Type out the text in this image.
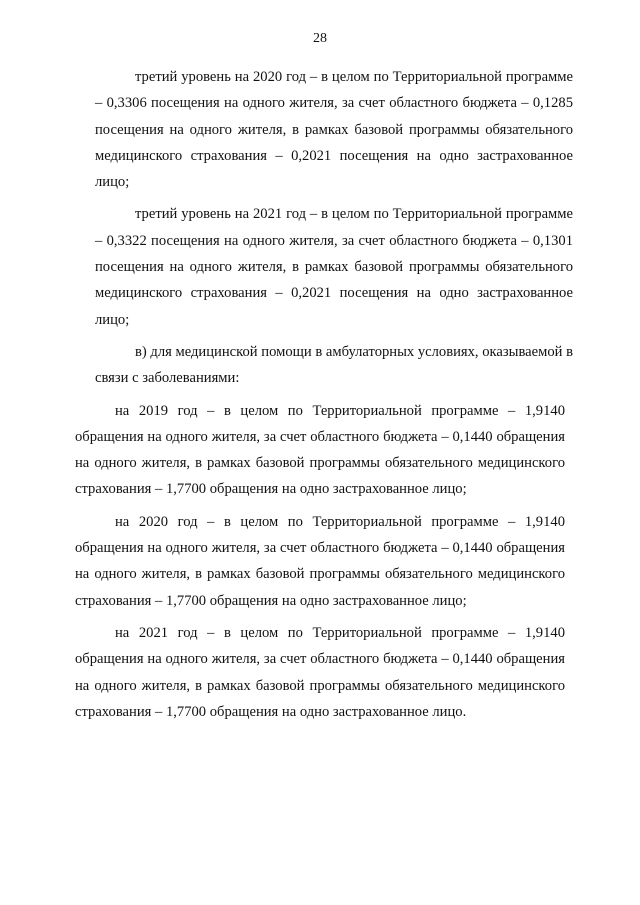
28

третий уровень на 2020 год – в целом по Территориальной программе – 0,3306 посещения на одного жителя, за счет областного бюджета – 0,1285 посещения на одного жителя, в рамках базовой программы обязательного медицинского страхования – 0,2021 посещения на одно застрахованное лицо;

третий уровень на 2021 год – в целом по Территориальной программе – 0,3322 посещения на одного жителя, за счет областного бюджета – 0,1301 посещения на одного жителя, в рамках базовой программы обязательного медицинского страхования – 0,2021 посещения на одно застрахованное лицо;

в) для медицинской помощи в амбулаторных условиях, оказываемой в связи с заболеваниями:

на 2019 год – в целом по Территориальной программе – 1,9140 обращения на одного жителя, за счет областного бюджета – 0,1440 обращения на одного жителя, в рамках базовой программы обязательного медицинского страхования – 1,7700 обращения на одно застрахованное лицо;

на 2020 год – в целом по Территориальной программе – 1,9140 обращения на одного жителя, за счет областного бюджета – 0,1440 обращения на одного жителя, в рамках базовой программы обязательного медицинского страхования – 1,7700 обращения на одно застрахованное лицо;

на 2021 год – в целом по Территориальной программе – 1,9140 обращения на одного жителя, за счет областного бюджета – 0,1440 обращения на одного жителя, в рамках базовой программы обязательного медицинского страхования – 1,7700 обращения на одно застрахованное лицо.
